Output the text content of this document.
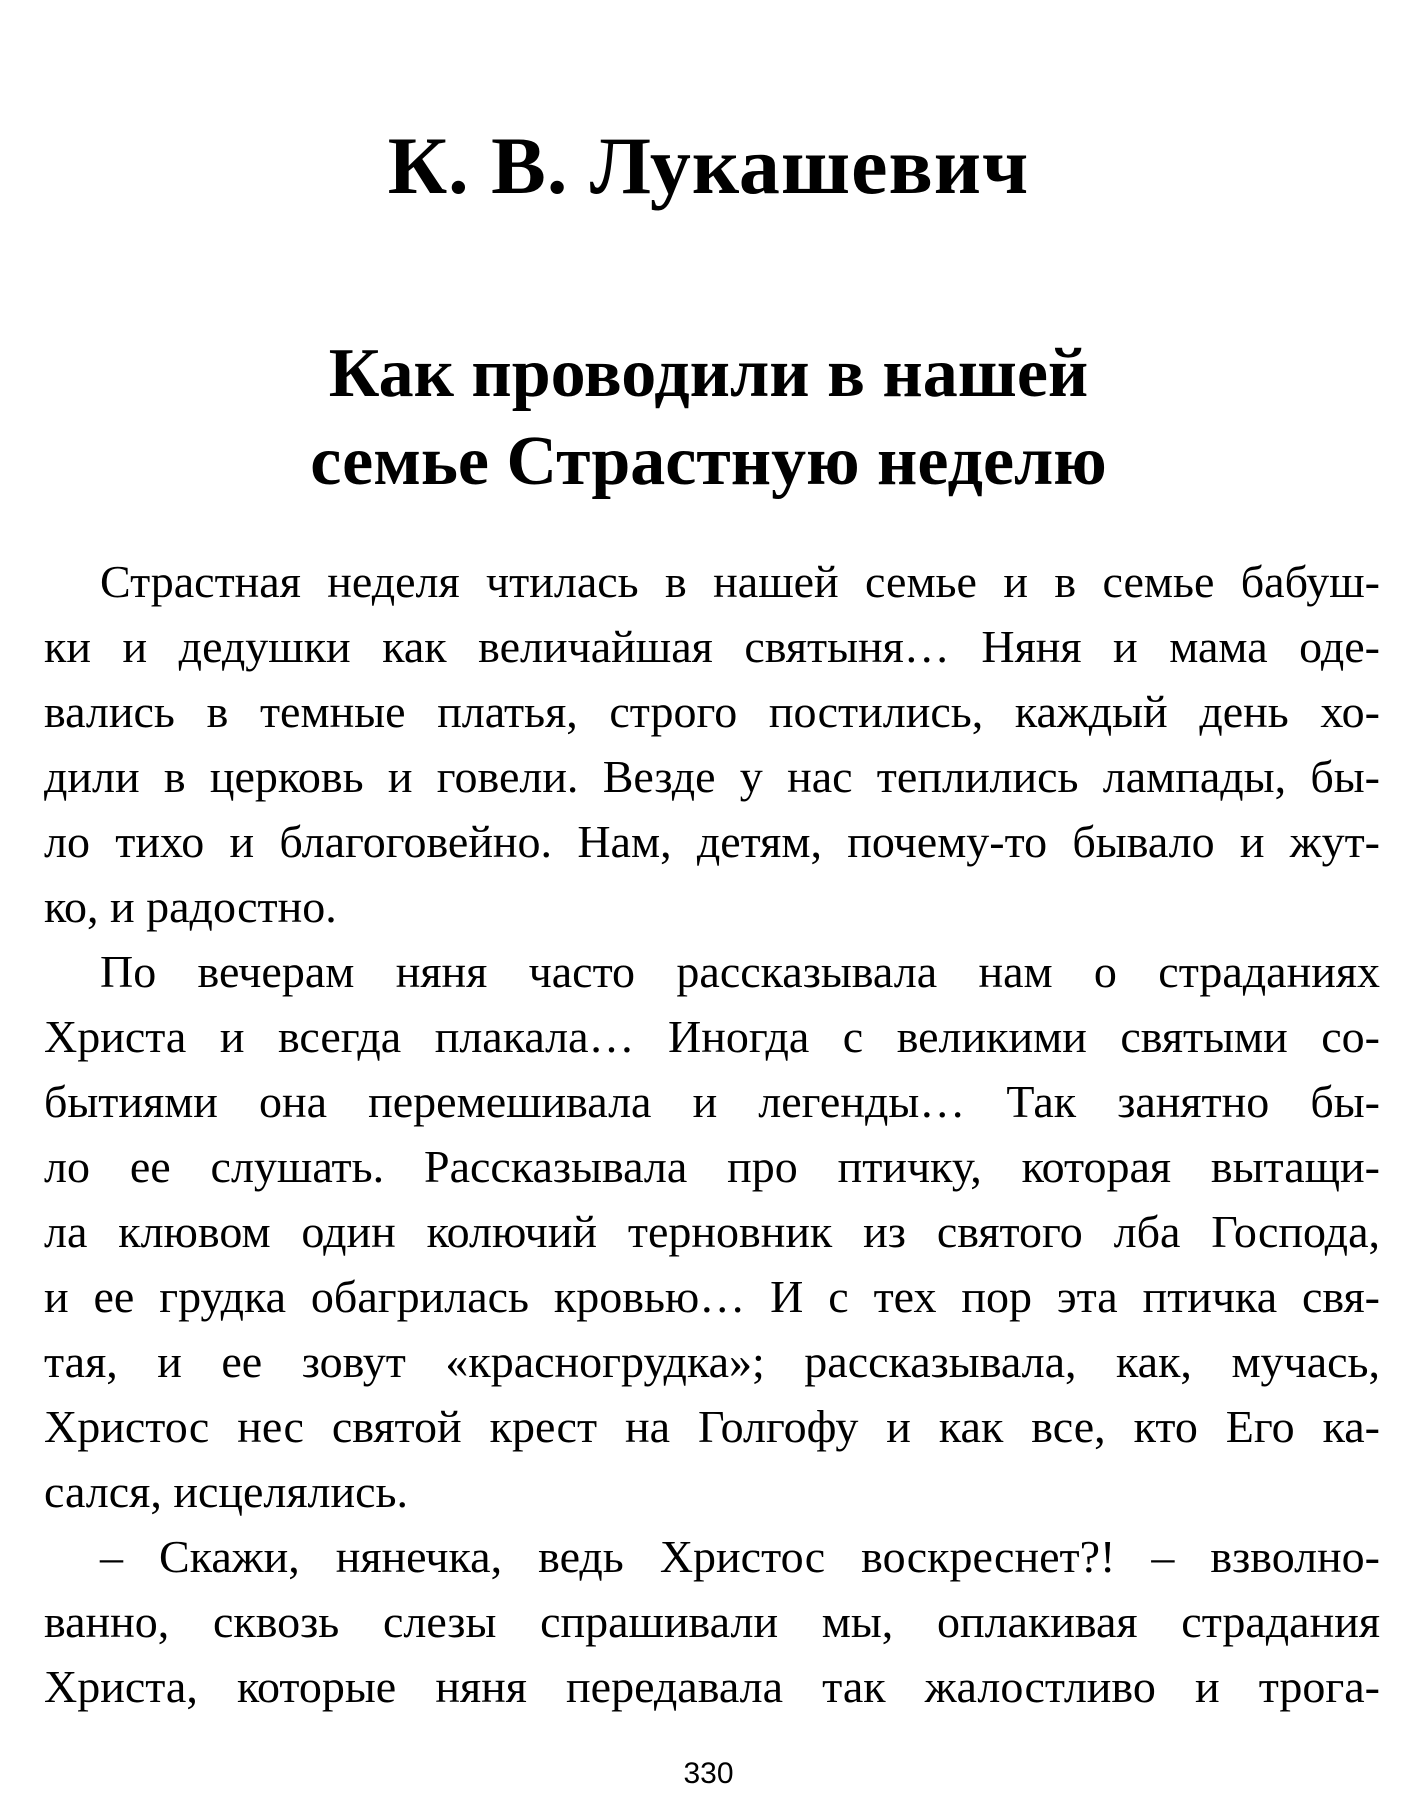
К. В. Лукашевич
Как проводили в нашей
семье Страстную неделю
Страстная неделя чтилась в нашей семье и в семье бабуш-
ки и дедушки как величайшая святыня… Няня и мама оде-
вались в темные платья, строго постились, каждый день хо-
дили в церковь и говели. Везде у нас теплились лампады, бы-
ло тихо и благоговейно. Нам, детям, почему-то бывало и жут-
ко, и радостно.
По вечерам няня часто рассказывала нам о страданиях
Христа и всегда плакала… Иногда с великими святыми со-
бытиями она перемешивала и легенды… Так занятно бы-
ло ее слушать. Рассказывала про птичку, которая вытащи-
ла клювом один колючий терновник из святого лба Господа,
и ее грудка обагрилась кровью… И с тех пор эта птичка свя-
тая, и ее зовут «красногрудка»; рассказывала, как, мучась,
Христос нес святой крест на Голгофу и как все, кто Его ка-
сался, исцелялись.
– Скажи, нянечка, ведь Христос воскреснет?! – взволно-
ванно, сквозь слезы спрашивали мы, оплакивая страдания
Христа, которые няня передавала так жалостливо и трога-
330
